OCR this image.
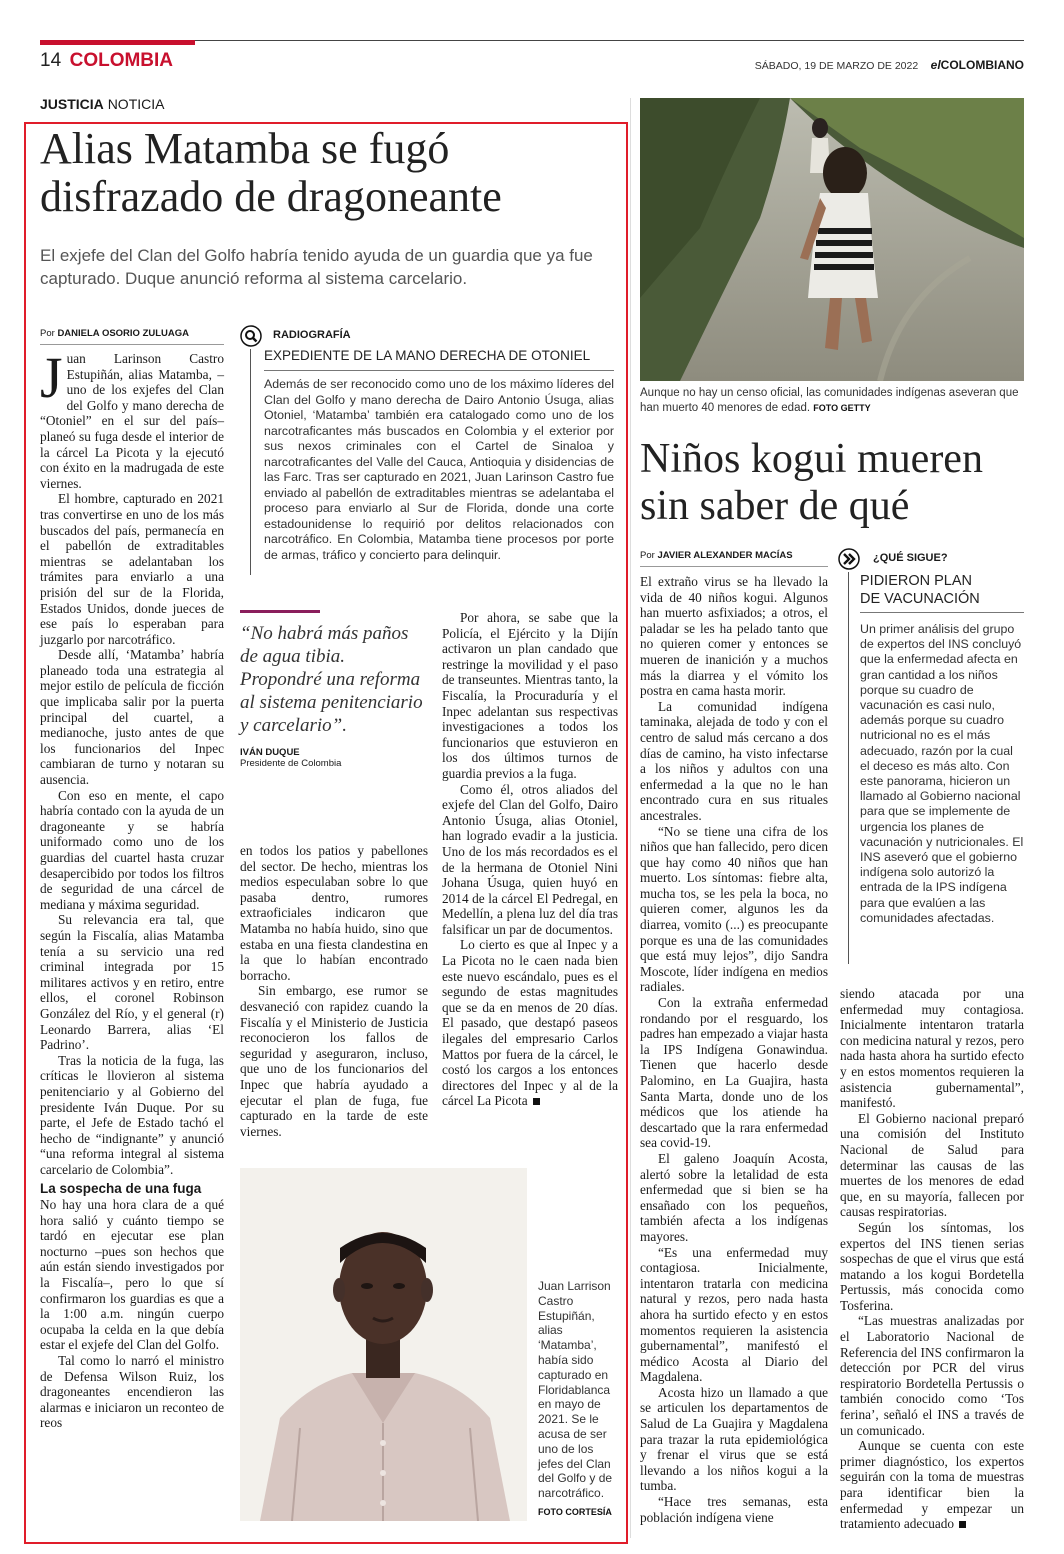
14 COLOMBIA	SÁBADO, 19 DE MARZO DE 2022 elCOLOMBIANO
JUSTICIA NOTICIA
Alias Matamba se fugó
disfrazado de dragoneante
El exjefe del Clan del Golfo habría tenido ayuda de un guardia que ya fue capturado. Duque anunció reforma al sistema carcelario.
Por DANIELA OSORIO ZULUAGA

Juan Larinson Castro Estupiñán, alias Matamba, –uno de los exjefes del Clan del Golfo y mano derecha de “Otoniel” en el sur del país– planeó su fuga desde el interior de la cárcel La Picota y la ejecutó con éxito en la madrugada de este viernes.

El hombre, capturado en 2021 tras convertirse en uno de los más buscados del país, permanecía en el pabellón de extraditables mientras se adelantaban los trámites para enviarlo a una prisión del sur de la Florida, Estados Unidos, donde jueces de ese país lo esperaban para juzgarlo por narcotráfico.

Desde allí, ‘Matamba’ habría planeado toda una estrategia al mejor estilo de película de ficción que implicaba salir por la puerta principal del cuartel, a medianoche, justo antes de que los funcionarios del Inpec cambiaran de turno y notaran su ausencia.

Con eso en mente, el capo habría contado con la ayuda de un dragoneante y se habría uniformado como uno de los guardias del cuartel hasta cruzar desapercibido por todos los filtros de seguridad de una cárcel de mediana y máxima seguridad.

Su relevancia era tal, que según la Fiscalía, alias Matamba tenía a su servicio una red criminal integrada por 15 militares activos y en retiro, entre ellos, el coronel Robinson González del Río, y el general (r) Leonardo Barrera, alias ‘El Padrino’.

Tras la noticia de la fuga, las críticas le llovieron al sistema penitenciario y al Gobierno del presidente Iván Duque. Por su parte, el Jefe de Estado tachó el hecho de “indignante” y anunció “una reforma integral al sistema carcelario de Colombia”.

La sospecha de una fuga

No hay una hora clara de a qué hora salió y cuánto tiempo se tardó en ejecutar ese plan nocturno –pues son hechos que aún están siendo investigados por la Fiscalía–, pero lo que sí confirmaron los guardias es que a la 1:00 a.m. ningún cuerpo ocupaba la celda en la que debía estar el exjefe del Clan del Golfo.

Tal como lo narró el ministro de Defensa Wilson Ruiz, los dragoneantes encendieron las alarmas e iniciaron un reconteo de reos

RADIOGRAFÍA
EXPEDIENTE DE LA MANO DERECHA DE OTONIEL
Además de ser reconocido como uno de los máximo líderes del Clan del Golfo y mano derecha de Dairo Antonio Úsuga, alias Otoniel, ‘Matamba’ también era catalogado como uno de los narcotraficantes más buscados en Colombia y el exterior por sus nexos criminales con el Cartel de Sinaloa y narcotraficantes del Valle del Cauca, Antioquia y disidencias de las Farc. Tras ser capturado en 2021, Juan Larinson Castro fue enviado al pabellón de extraditables mientras se adelantaba el proceso para enviarlo al Sur de Florida, donde una corte estadounidense lo requirió por delitos relacionados con narcotráfico. En Colombia, Matamba tiene procesos por porte de armas, tráfico y concierto para delinquir.
“No habrá más paños de agua tibia. Propondré una reforma al sistema penitenciario y carcelario”.
IVÁN DUQUE
Presidente de Colombia

en todos los patios y pabellones del sector. De hecho, mientras los medios especulaban sobre lo que pasaba dentro, rumores extraoficiales indicaron que Matamba no había huido, sino que estaba en una fiesta clandestina en la que lo habían encontrado borracho.

Sin embargo, ese rumor se desvaneció con rapidez cuando la Fiscalía y el Ministerio de Justicia reconocieron los fallos de seguridad y aseguraron, incluso, que uno de los funcionarios del Inpec que habría ayudado a ejecutar el plan de fuga, fue capturado en la tarde de este viernes.

Por ahora, se sabe que la Policía, el Ejército y la Dijín activaron un plan candado que restringe la movilidad y el paso de transeuntes. Mientras tanto, la Fiscalía, la Procuraduría y el Inpec adelantan sus respectivas investigaciones a todos los funcionarios que estuvieron en los dos últimos turnos de guardia previos a la fuga.

Como él, otros aliados del exjefe del Clan del Golfo, Dairo Antonio Úsuga, alias Otoniel, han logrado evadir a la justicia. Uno de los más recordados es el de la hermana de Otoniel Nini Johana Úsuga, quien huyó en 2014 de la cárcel El Pedregal, en Medellín, a plena luz del día tras falsificar un par de documentos.

Lo cierto es que al Inpec y a La Picota no le caen nada bien este nuevo escándalo, pues es el segundo de estas magnitudes que se da en menos de 20 días. El pasado, que destapó paseos ilegales del empresario Carlos Mattos por fuera de la cárcel, le costó los cargos a los entonces directores del Inpec y al de la cárcel La Picota

Juan Larrison Castro Estupiñán, alias ‘Matamba’, había sido capturado en Floridablanca en mayo de 2021. Se le acusa de ser uno de los jefes del Clan del Golfo y de narcotráfico.
FOTO CORTESÍA
Aunque no hay un censo oficial, las comunidades indígenas aseveran que han muerto 40 menores de edad. FOTO GETTY
Niños kogui mueren
sin saber de qué
Por JAVIER ALEXANDER MACÍAS

El extraño virus se ha llevado la vida de 40 niños kogui. Algunos han muerto asfixiados; a otros, el paladar se les ha pelado tanto que no quieren comer y entonces se mueren de inanición y a muchos más la diarrea y el vómito los postra en cama hasta morir.

La comunidad indígena taminaka, alejada de todo y con el centro de salud más cercano a dos días de camino, ha visto infectarse a los niños y adultos con una enfermedad a la que no le han encontrado cura en sus rituales ancestrales.

“No se tiene una cifra de los niños que han fallecido, pero dicen que hay como 40 niños que han muerto. Los síntomas: fiebre alta, mucha tos, se les pela la boca, no quieren comer, algunos les da diarrea, vomito (...) es preocupante porque es una de las comunidades que está muy lejos”, dijo Sandra Moscote, líder indígena en medios radiales.

Con la extraña enfermedad rondando por el resguardo, los padres han empezado a viajar hasta la IPS Indígena Gonawindua. Tienen que hacerlo desde Palomino, en La Guajira, hasta Santa Marta, donde uno de los médicos que los atiende ha descartado que la rara enfermedad sea covid-19.

El galeno Joaquín Acosta, alertó sobre la letalidad de esta enfermedad que si bien se ha ensañado con los pequeños, también afecta a los indígenas mayores.

“Es una enfermedad muy contagiosa. Inicialmente, intentaron tratarla con medicina natural y rezos, pero nada hasta ahora ha surtido efecto y en estos momentos requieren la asistencia gubernamental”, manifestó el médico Acosta al Diario del Magdalena.

Acosta hizo un llamado a que se articulen los departamentos de Salud de La Guajira y Magdalena para trazar la ruta epidemiológica y frenar el virus que se está llevando a los niños kogui a la tumba.

“Hace tres semanas, esta población indígena viene

¿QUÉ SIGUE?
PIDIERON PLAN
DE VACUNACIÓN
Un primer análisis del grupo de expertos del INS concluyó que la enfermedad afecta en gran cantidad a los niños porque su cuadro de vacunación es casi nulo, además porque su cuadro nutricional no es el más adecuado, razón por la cual el deceso es más alto. Con este panorama, hicieron un llamado al Gobierno nacional para que se implemente de urgencia los planes de vacunación y nutricionales. El INS aseveró que el gobierno indígena solo autorizó la entrada de la IPS indígena para que evalúen a las comunidades afectadas.

siendo atacada por una enfermedad muy contagiosa. Inicialmente intentaron tratarla con medicina natural y rezos, pero nada hasta ahora ha surtido efecto y en estos momentos requieren la asistencia gubernamental”, manifestó.

El Gobierno nacional preparó una comisión del Instituto Nacional de Salud para determinar las causas de las muertes de los menores de edad que, en su mayoría, fallecen por causas respiratorias.

Según los síntomas, los expertos del INS tienen serias sospechas de que el virus que está matando a los kogui Bordetella Pertussis, más conocida como Tosferina.

“Las muestras analizadas por el Laboratorio Nacional de Referencia del INS confirmaron la detección por PCR del virus respiratorio Bordetella Pertussis o también conocido como ‘Tos ferina’, señaló el INS a través de un comunicado.

Aunque se cuenta con este primer diagnóstico, los expertos seguirán con la toma de muestras para identificar bien la enfermedad y empezar un tratamiento adecuado
